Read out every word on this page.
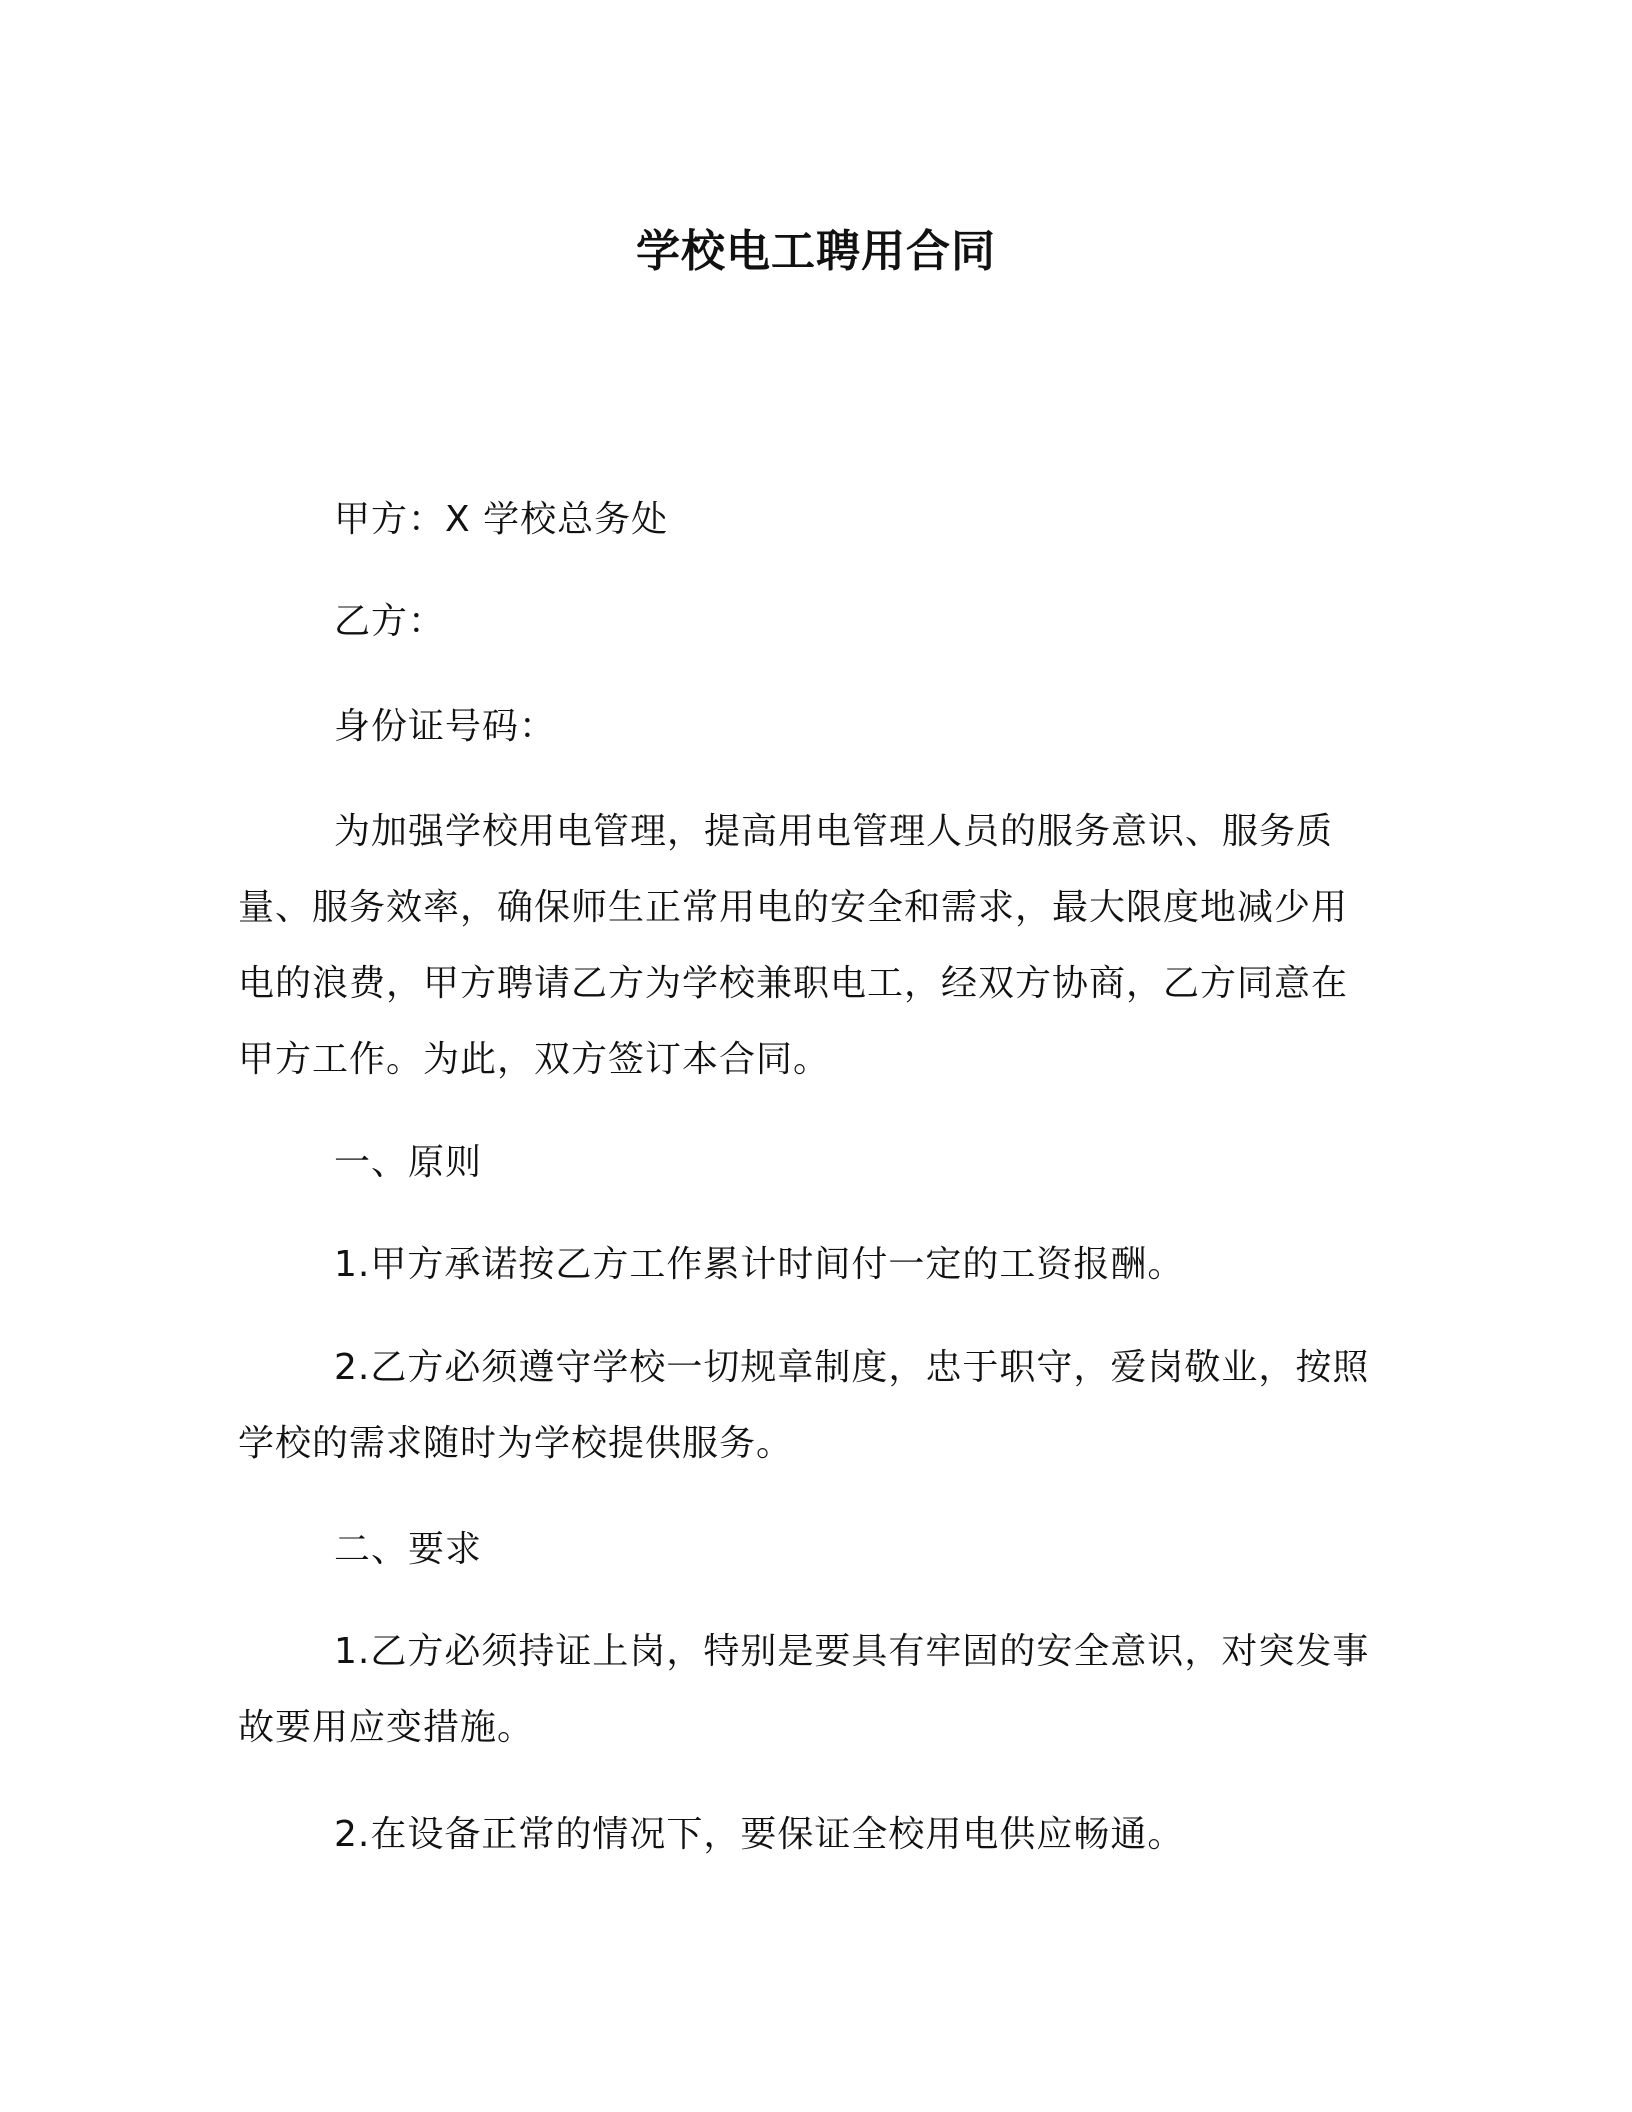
学校电工聘用合同
甲方：X 学校总务处
乙方：
身份证号码：

为加强学校用电管理，提高用电管理人员的服务意识、服务质量、服务效率，确保师生正常用电的安全和需求，最大限度地减少用电的浪费，甲方聘请乙方为学校兼职电工，经双方协商，乙方同意在甲方工作。为此，双方签订本合同。

一、原则
1.甲方承诺按乙方工作累计时间付一定的工资报酬。

2.乙方必须遵守学校一切规章制度，忠于职守，爱岗敬业，按照学校的需求随时为学校提供服务。

二、要求

1.乙方必须持证上岗，特别是要具有牢固的安全意识，对突发事故要用应变措施。

2.在设备正常的情况下，要保证全校用电供应畅通。
